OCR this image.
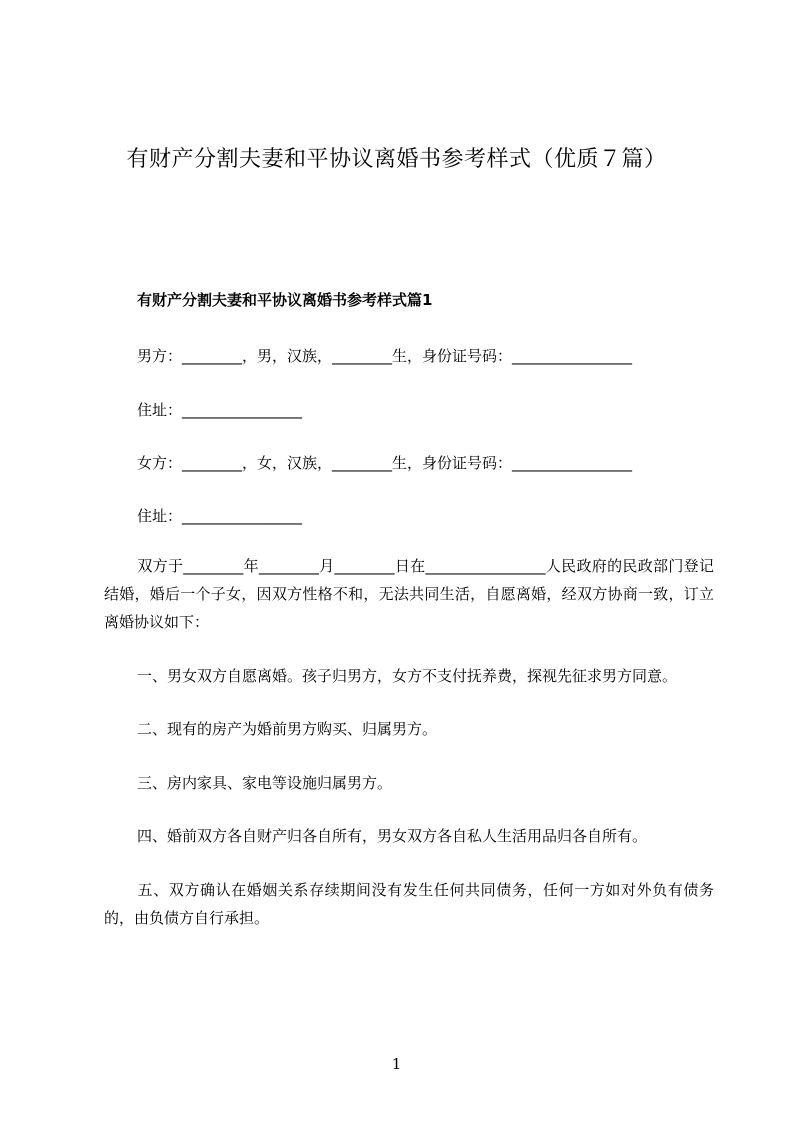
有财产分割夫妻和平协议离婚书参考样式（优质７篇）
有财产分割夫妻和平协议离婚书参考样式篇1
男方：________，男，汉族，________生，身份证号码：________________
住址：________________
女方：________，女，汉族，________生，身份证号码：________________
住址：________________
双方于________年________月________日在________________人民政府的民政部门登记结婚，婚后一个子女，因双方性格不和，无法共同生活，自愿离婚，经双方协商一致，订立离婚协议如下：
一、男女双方自愿离婚。孩子归男方，女方不支付抚养费，探视先征求男方同意。
二、现有的房产为婚前男方购买、归属男方。
三、房内家具、家电等设施归属男方。
四、婚前双方各自财产归各自所有，男女双方各自私人生活用品归各自所有。
五、双方确认在婚姻关系存续期间没有发生任何共同债务，任何一方如对外负有债务的，由负债方自行承担。
1
